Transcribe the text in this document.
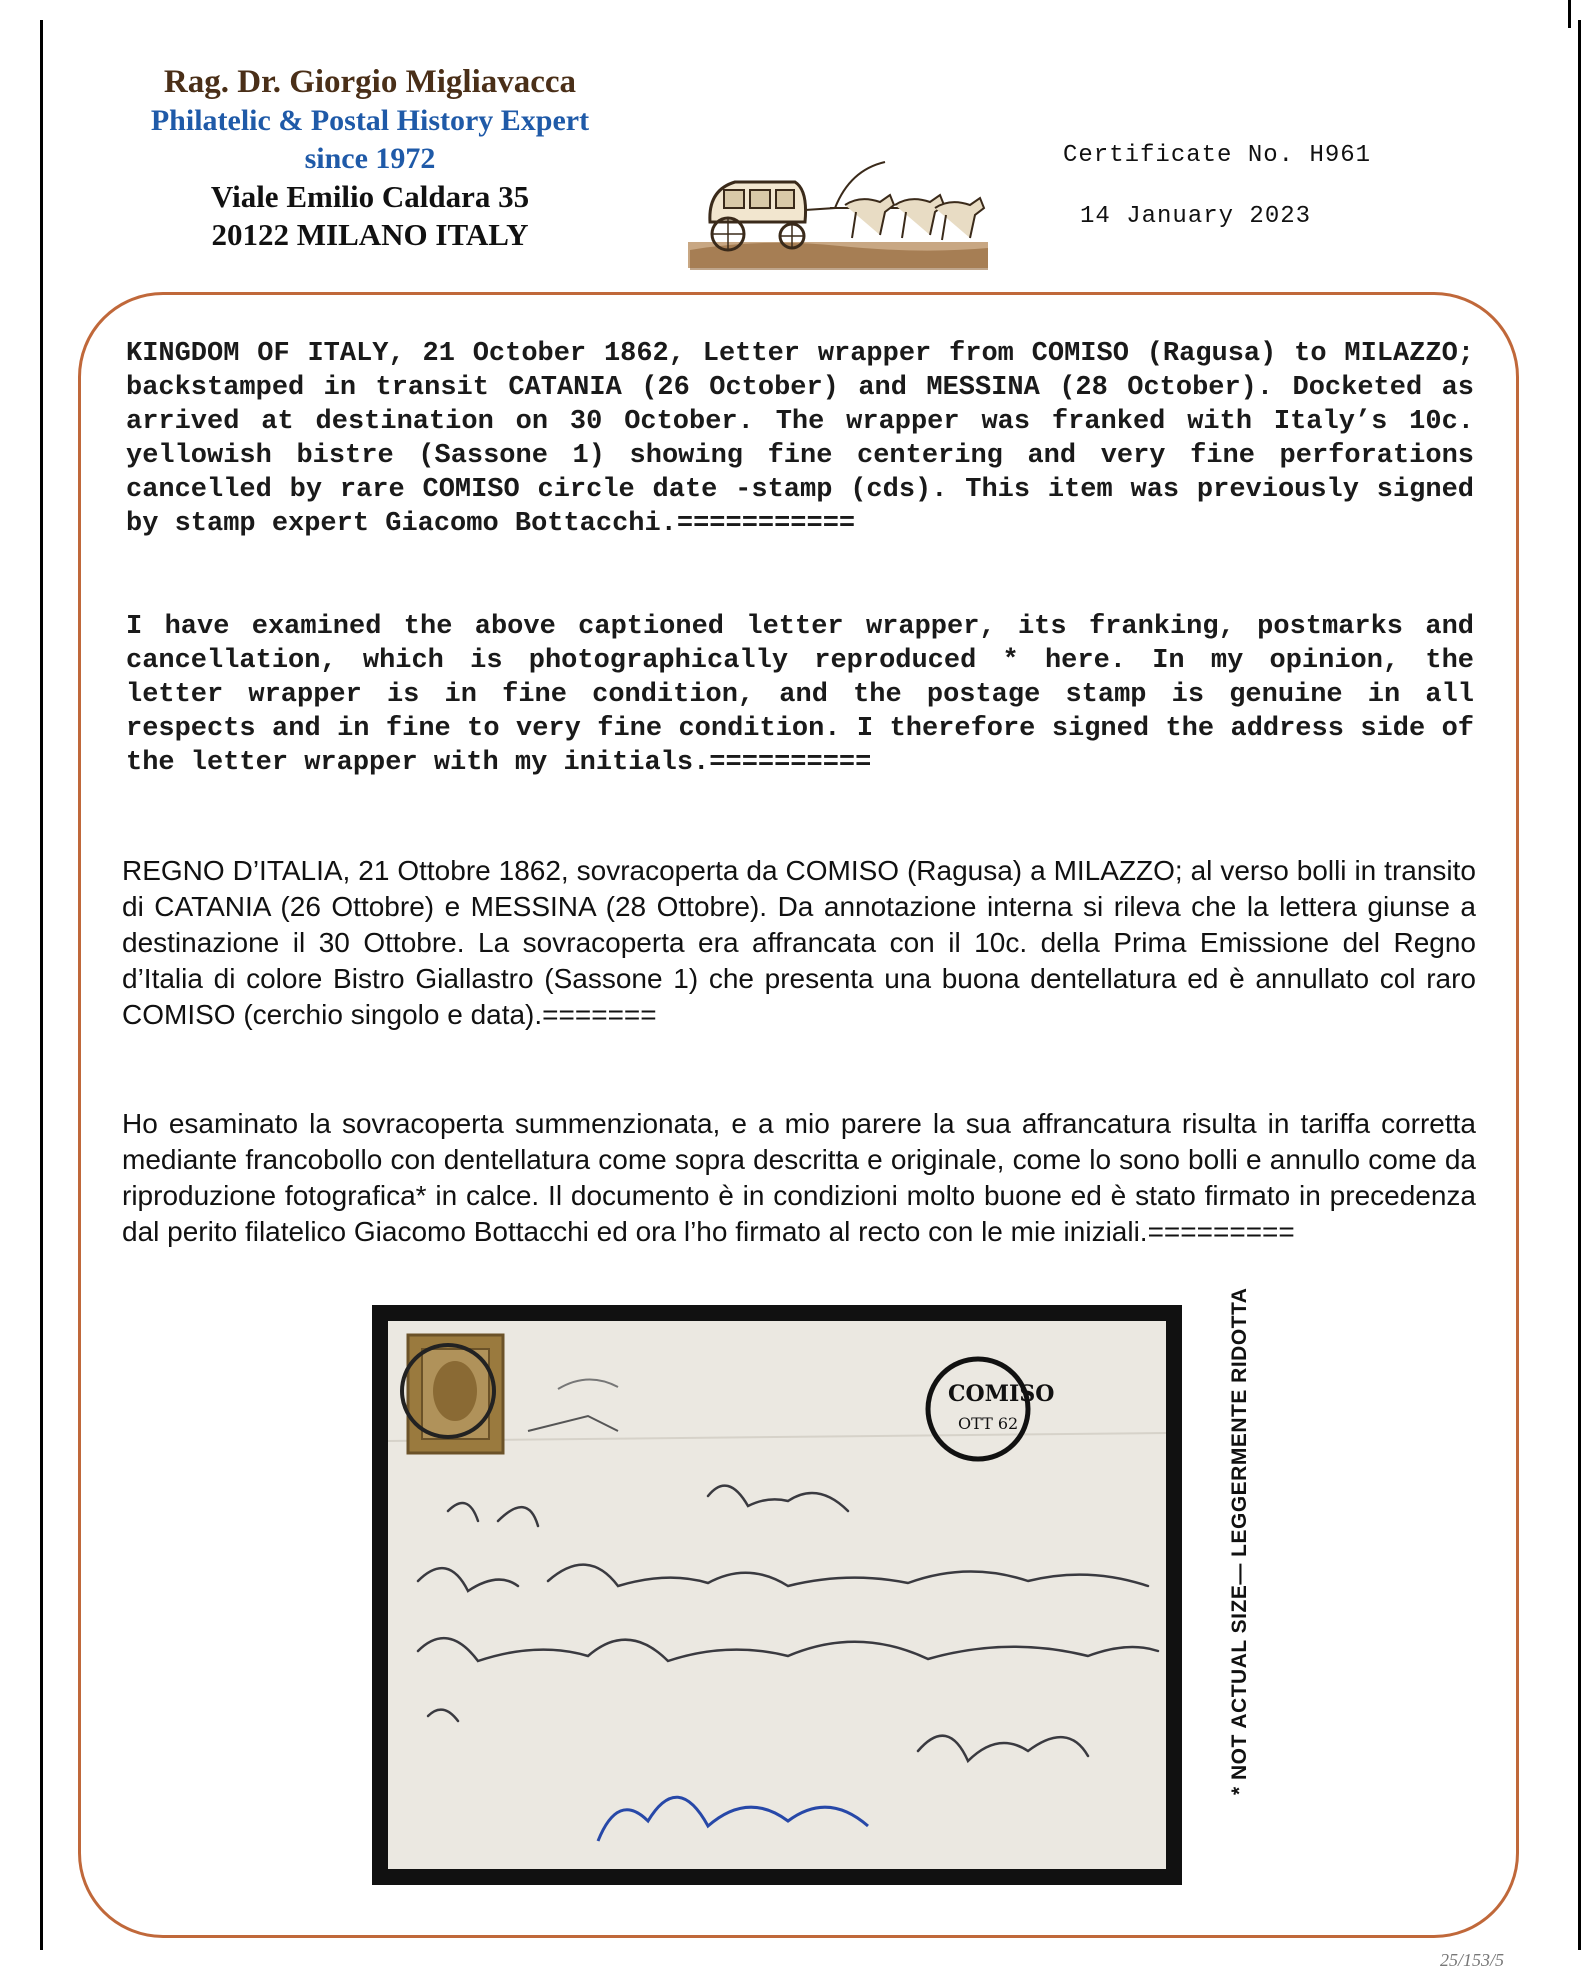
Rag. Dr. Giorgio Migliavacca
Philatelic & Postal History Expert
since 1972
Viale Emilio Caldara 35
20122 MILANO ITALY
Certificate No. H961
14 January 2023
KINGDOM OF ITALY, 21 October 1862, Letter wrapper from COMISO (Ragusa) to MILAZZO; backstamped in transit CATANIA (26 October) and MESSINA (28 October). Docketed as arrived at destination on 30 October. The wrapper was franked with Italy’s 10c. yellowish bistre (Sassone 1) showing fine centering and very fine perforations cancelled by rare COMISO circle date -stamp (cds). This item was previously signed by stamp expert Giacomo Bottacchi.===========
I have examined the above captioned letter wrapper, its franking, postmarks and cancellation, which is photographically reproduced * here. In my opinion, the letter wrapper is in fine condition, and the postage stamp is genuine in all respects and in fine to very fine condition. I therefore signed the address side of the letter wrapper with my initials.==========
REGNO D’ITALIA, 21 Ottobre 1862, sovracoperta da COMISO (Ragusa) a MILAZZO; al verso bolli in transito di CATANIA (26 Ottobre) e MESSINA (28 Ottobre). Da annotazione interna si rileva che la lettera giunse a destinazione il 30 Ottobre. La sovracoperta era affrancata con il 10c. della Prima Emissione del Regno d’Italia di colore Bistro Giallastro (Sassone 1) che presenta una buona dentellatura ed è annullato col raro COMISO (cerchio singolo e data).=======
Ho esaminato la sovracoperta summenzionata, e a mio parere la sua affrancatura risulta in tariffa corretta mediante francobollo con dentellatura come sopra descritta e originale, come lo sono bolli e annullo come da riproduzione fotografica* in calce. Il documento è in condizioni molto buone ed è stato firmato in precedenza dal perito filatelico Giacomo Bottacchi ed ora l’ho firmato al recto con le mie iniziali.=========
COMISO
OTT 62	* NOT ACTUAL SIZE— LEGGERMENTE RIDOTTA
25/153/5
